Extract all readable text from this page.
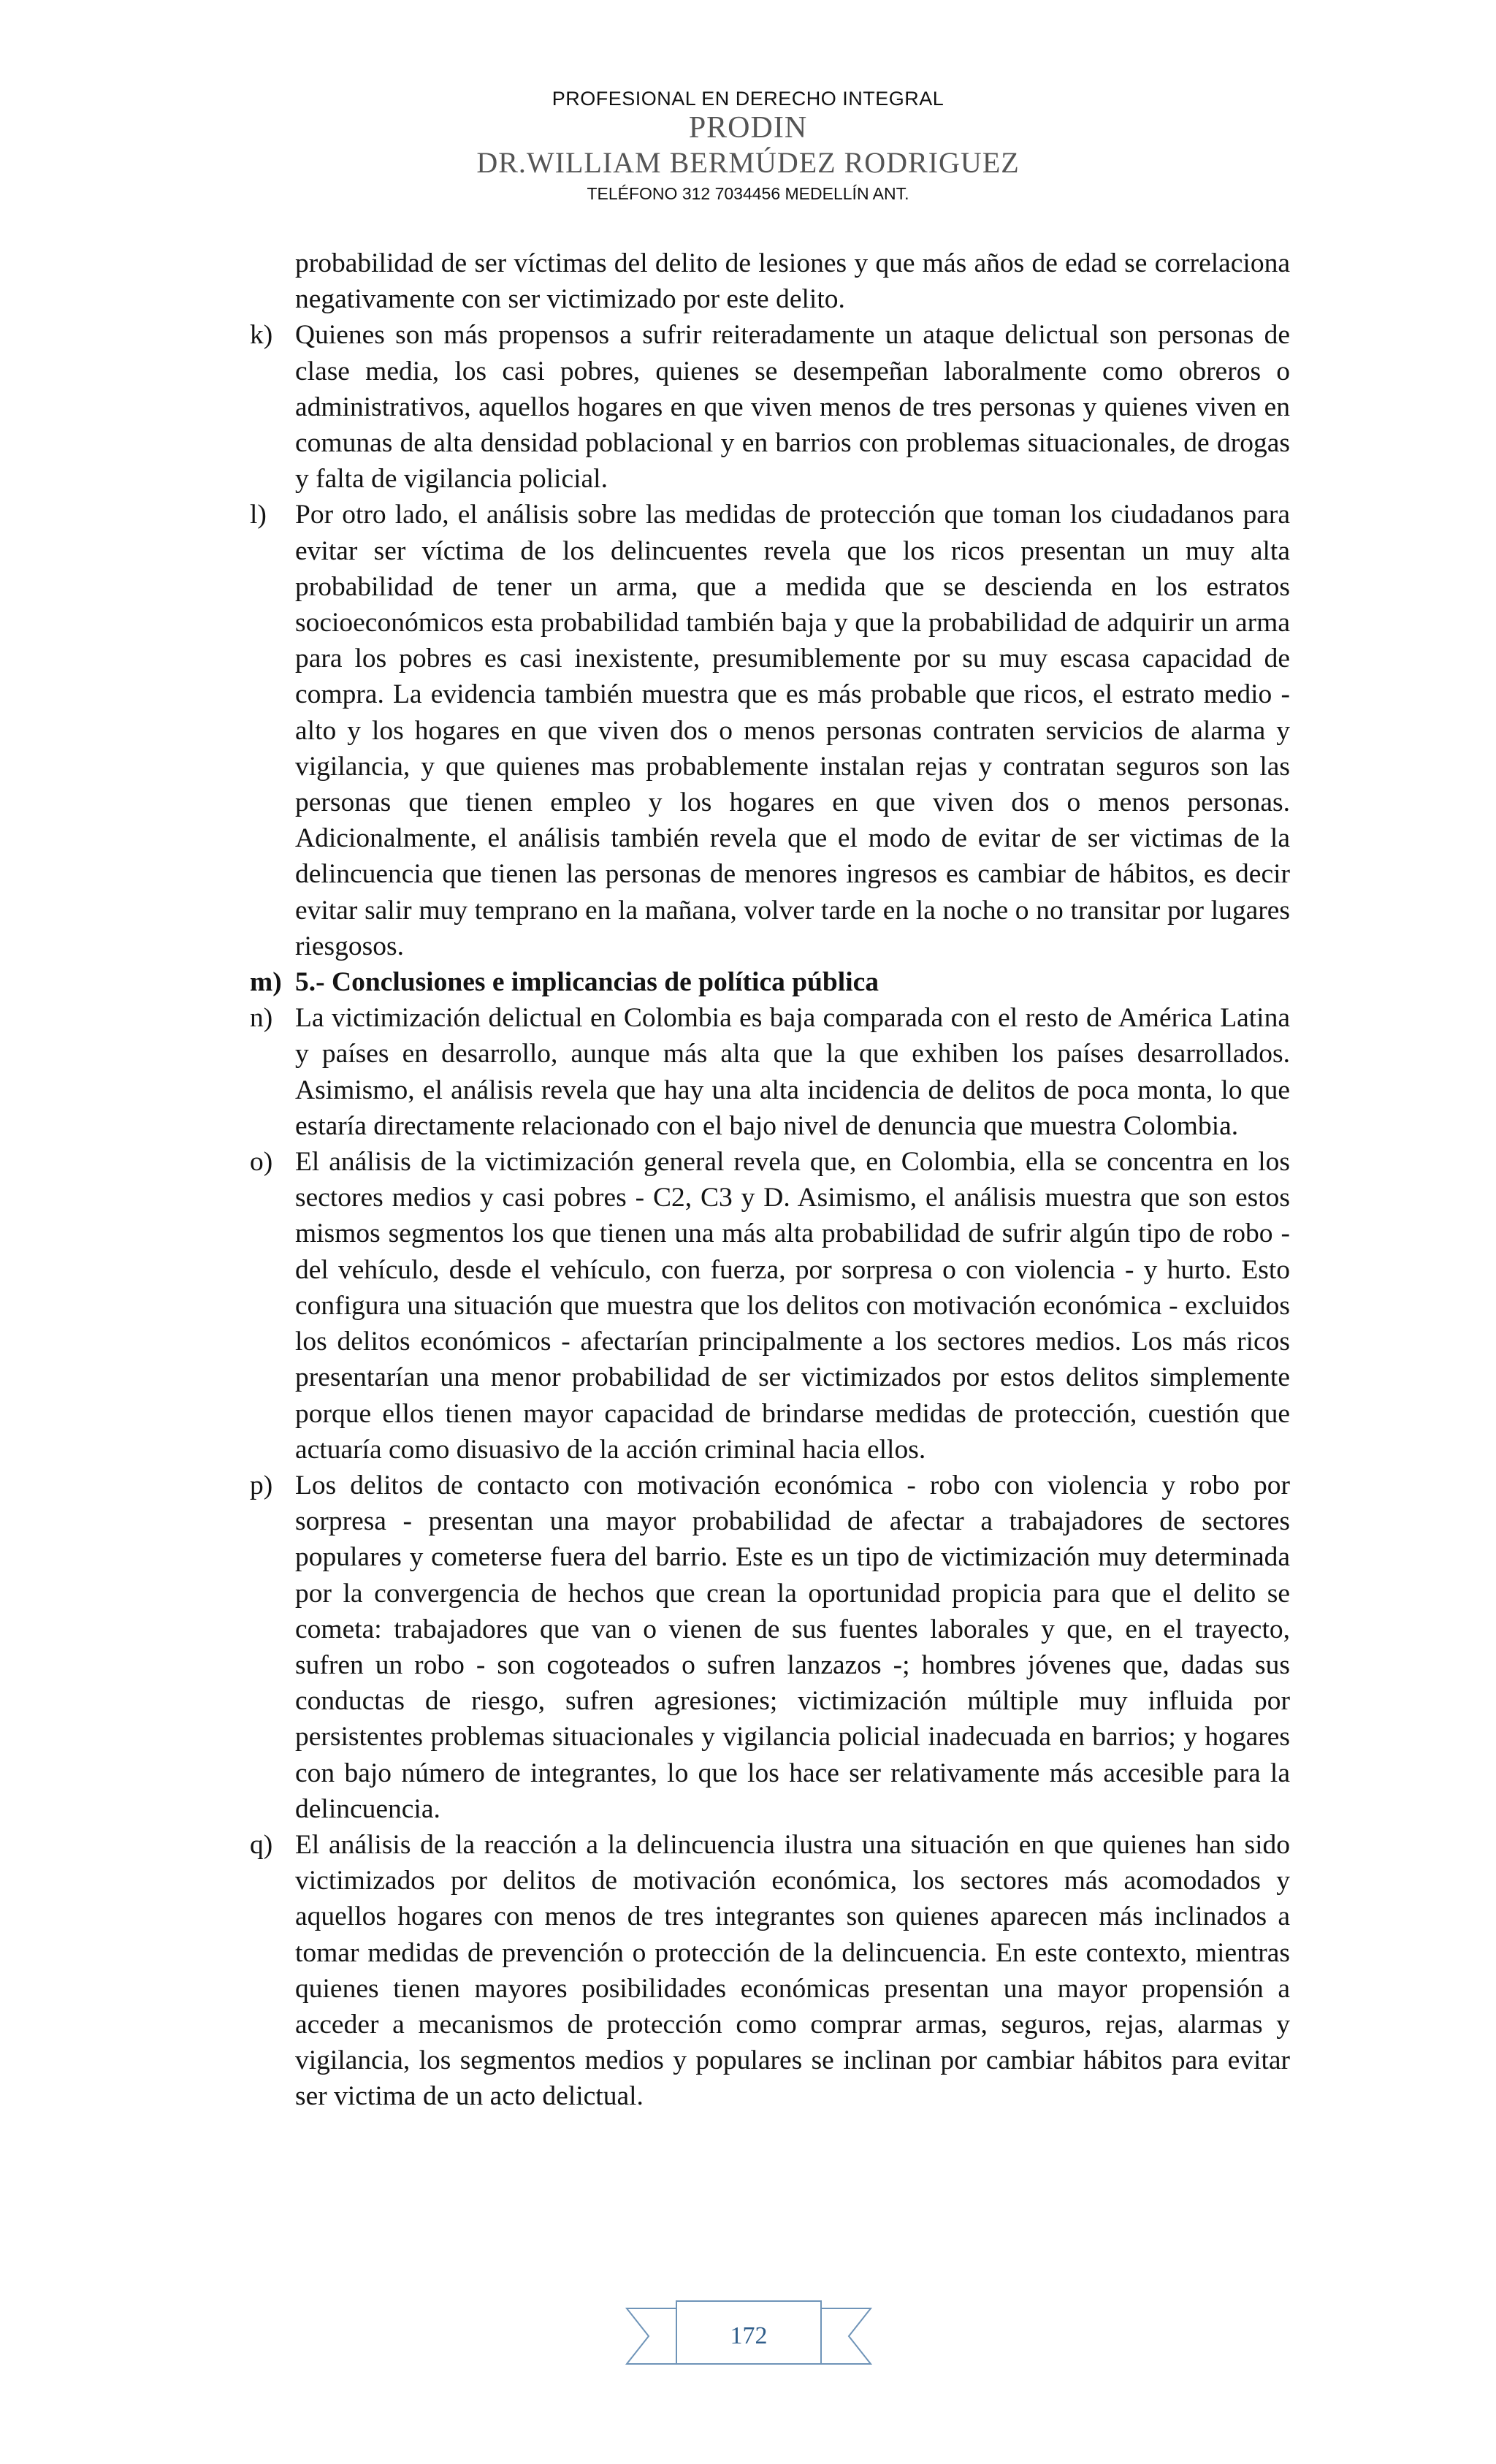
PROFESIONAL EN DERECHO INTEGRAL
PRODIN
DR.WILLIAM BERMÚDEZ RODRIGUEZ
TELÉFONO 312 7034456 MEDELLÍN ANT.

probabilidad de ser víctimas del delito de lesiones y que más años de edad se correlaciona negativamente con ser victimizado por este delito.

k) Quienes son más propensos a sufrir reiteradamente un ataque delictual son personas de clase media, los casi pobres, quienes se desempeñan laboralmente como obreros o administrativos, aquellos hogares en que viven menos de tres personas y quienes viven en comunas de alta densidad poblacional y en barrios con problemas situacionales, de drogas y falta de vigilancia policial.
l)	Por otro lado, el análisis sobre las medidas de protección que toman los ciudadanos para evitar ser víctima de los delincuentes revela que los ricos presentan un muy alta probabilidad de tener un arma, que a medida que se descienda en los estratos socioeconómicos esta probabilidad también baja y que la probabilidad de adquirir un arma para los pobres es casi inexistente, presumiblemente por su muy escasa capacidad de compra. La evidencia también muestra que es más probable que ricos, el estrato medio - alto y los hogares en que viven dos o menos personas contraten servicios de alarma y vigilancia, y que quienes mas probablemente instalan rejas y contratan seguros son las personas que tienen empleo y los hogares en que viven dos o menos personas. Adicionalmente, el análisis también revela que el modo de evitar de ser victimas de la delincuencia que tienen las personas de menores ingresos es cambiar de hábitos, es decir evitar salir muy temprano en la mañana, volver tarde en la noche o no transitar por lugares riesgosos.
m) 5.- Conclusiones e implicancias de política pública
n) La victimización delictual en Colombia es baja comparada con el resto de América Latina y países en desarrollo, aunque más alta que la que exhiben los países desarrollados. Asimismo, el análisis revela que hay una alta incidencia de delitos de poca monta, lo que estaría directamente relacionado con el bajo nivel de denuncia que muestra Colombia.
o) El análisis de la victimización general revela que, en Colombia, ella se concentra en los sectores medios y casi pobres - C2, C3 y D. Asimismo, el análisis muestra que son estos mismos segmentos los que tienen una más alta probabilidad de sufrir algún tipo de robo - del vehículo, desde el vehículo, con fuerza, por sorpresa o con violencia - y hurto. Esto configura una situación que muestra que los delitos con motivación económica - excluidos los delitos económicos - afectarían principalmente a los sectores medios. Los más ricos presentarían una menor probabilidad de ser victimizados por estos delitos simplemente porque ellos tienen mayor capacidad de brindarse medidas de protección, cuestión que actuaría como disuasivo de la acción criminal hacia ellos.
p) Los delitos de contacto con motivación económica - robo con violencia y robo por sorpresa - presentan una mayor probabilidad de afectar a trabajadores de sectores populares y cometerse fuera del barrio. Este es un tipo de victimización muy determinada por la convergencia de hechos que crean la oportunidad propicia para que el delito se cometa: trabajadores que van o vienen de sus fuentes laborales y que, en el trayecto, sufren un robo - son cogoteados o sufren lanzazos -; hombres jóvenes que, dadas sus conductas de riesgo, sufren agresiones; victimización múltiple muy influida por persistentes problemas situacionales y vigilancia policial inadecuada en barrios; y hogares con bajo número de integrantes, lo que los hace ser relativamente más accesible para la delincuencia.
q) El análisis de la reacción a la delincuencia ilustra una situación en que quienes han sido victimizados por delitos de motivación económica, los sectores más acomodados y aquellos hogares con menos de tres integrantes son quienes aparecen más inclinados a tomar medidas de prevención o protección de la delincuencia. En este contexto, mientras quienes tienen mayores posibilidades económicas presentan una mayor propensión a acceder a mecanismos de protección como comprar armas, seguros, rejas, alarmas y vigilancia, los segmentos medios y populares se inclinan por cambiar hábitos para evitar ser victima de un acto delictual.
172
